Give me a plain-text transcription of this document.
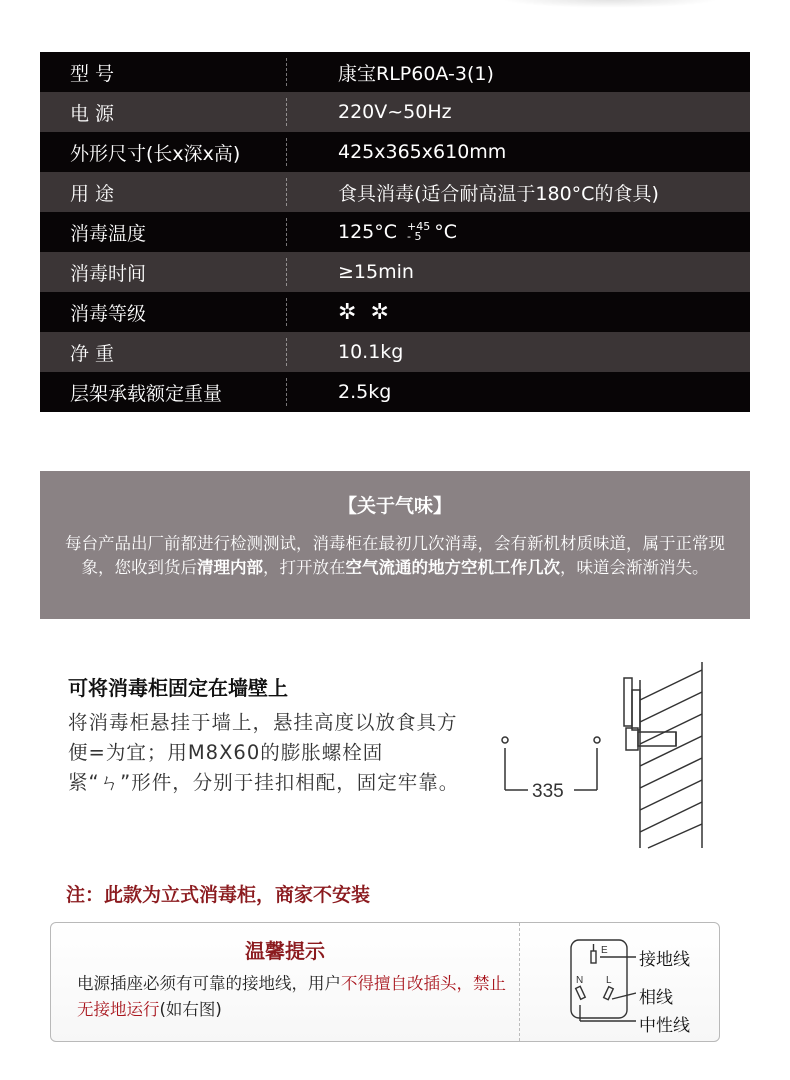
型 号	康宝RLP60A-3(1)
电 源	220V~50Hz
外形尺寸(长x深x高)	425x365x610mm
用 途	食具消毒(适合耐高温于180°C的食具)
消毒温度	125°C +45
- 5 °C
消毒时间	≥15min
消毒等级	✲ ✲
净 重	10.1kg
层架承载额定重量	2.5kg
【关于气味】
每台产品出厂前都进行检测测试，消毒柜在最初几次消毒，会有新机材质味道，属于正常现象，您收到货后清理内部，打开放在空气流通的地方空机工作几次，味道会渐渐消失。
可将消毒柜固定在墙壁上
将消毒柜悬挂于墙上，悬挂高度以放食具方便=为宜；用M8X60的膨胀螺栓固紧“ㄣ”形件，分别于挂扣相配，固定牢靠。	335
注：此款为立式消毒柜，商家不安装
温馨提示
电源插座必须有可靠的接地线，用户不得擅自改插头，禁止无接地运行(如右图)
E
N L
接地线
相线
中性线
